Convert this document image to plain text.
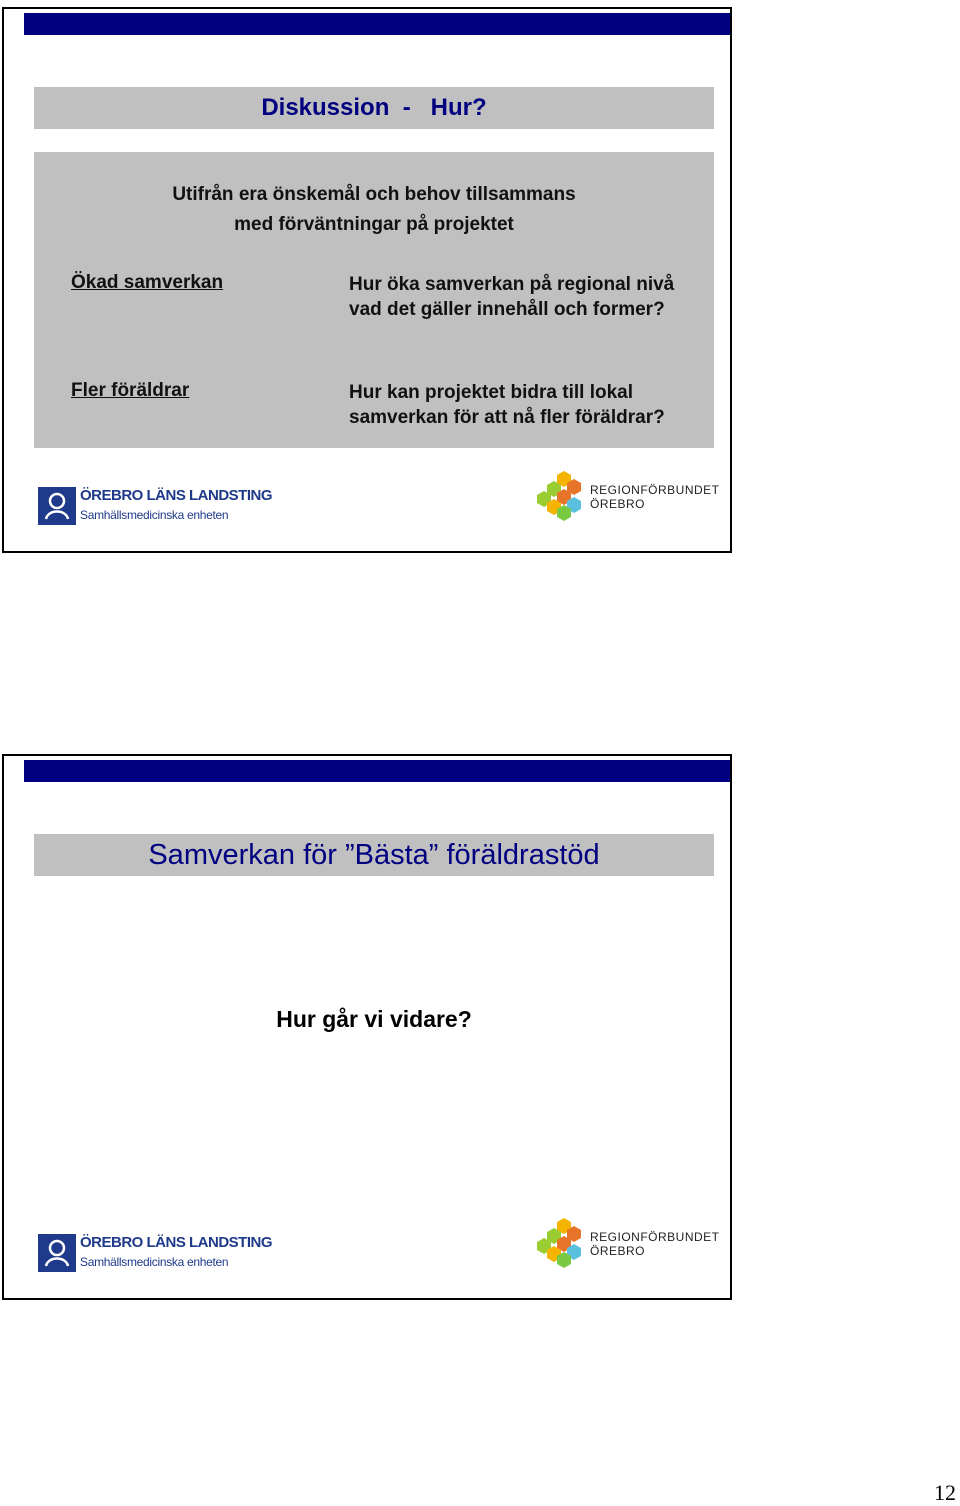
Diskussion  -   Hur?
Utifrån era önskemål och behov tillsammans
med förväntningar på projektet
Ökad samverkan	Hur öka samverkan på regional nivå
vad det gäller innehåll och former?
Fler föräldrar	Hur kan projektet bidra till lokal
samverkan för att nå fler föräldrar?
ÖREBRO LÄNS LANDSTING
Samhällsmedicinska enheten
REGIONFÖRBUNDET
ÖREBRO
Samverkan för ”Bästa” föräldrastöd
Hur går vi vidare?
ÖREBRO LÄNS LANDSTING
Samhällsmedicinska enheten
REGIONFÖRBUNDET
ÖREBRO
12
